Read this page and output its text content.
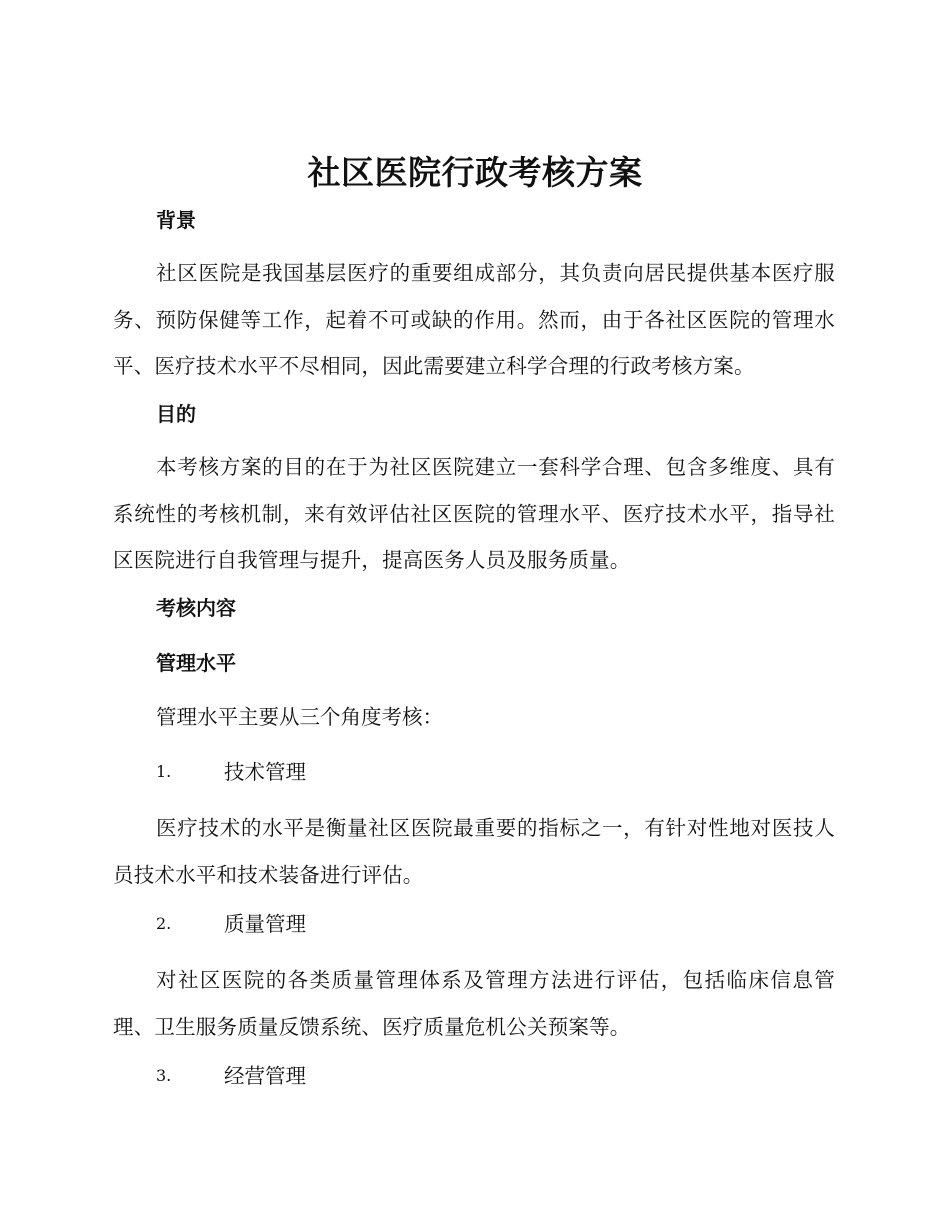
社区医院行政考核方案
背景
社区医院是我国基层医疗的重要组成部分，其负责向居民提供基本医疗服务、预防保健等工作，起着不可或缺的作用。然而，由于各社区医院的管理水平、医疗技术水平不尽相同，因此需要建立科学合理的行政考核方案。
目的
本考核方案的目的在于为社区医院建立一套科学合理、包含多维度、具有系统性的考核机制，来有效评估社区医院的管理水平、医疗技术水平，指导社区医院进行自我管理与提升，提高医务人员及服务质量。
考核内容
管理水平
管理水平主要从三个角度考核：
1.	技术管理
医疗技术的水平是衡量社区医院最重要的指标之一，有针对性地对医技人员技术水平和技术装备进行评估。
2.	质量管理
对社区医院的各类质量管理体系及管理方法进行评估，包括临床信息管理、卫生服务质量反馈系统、医疗质量危机公关预案等。
3.	经营管理
